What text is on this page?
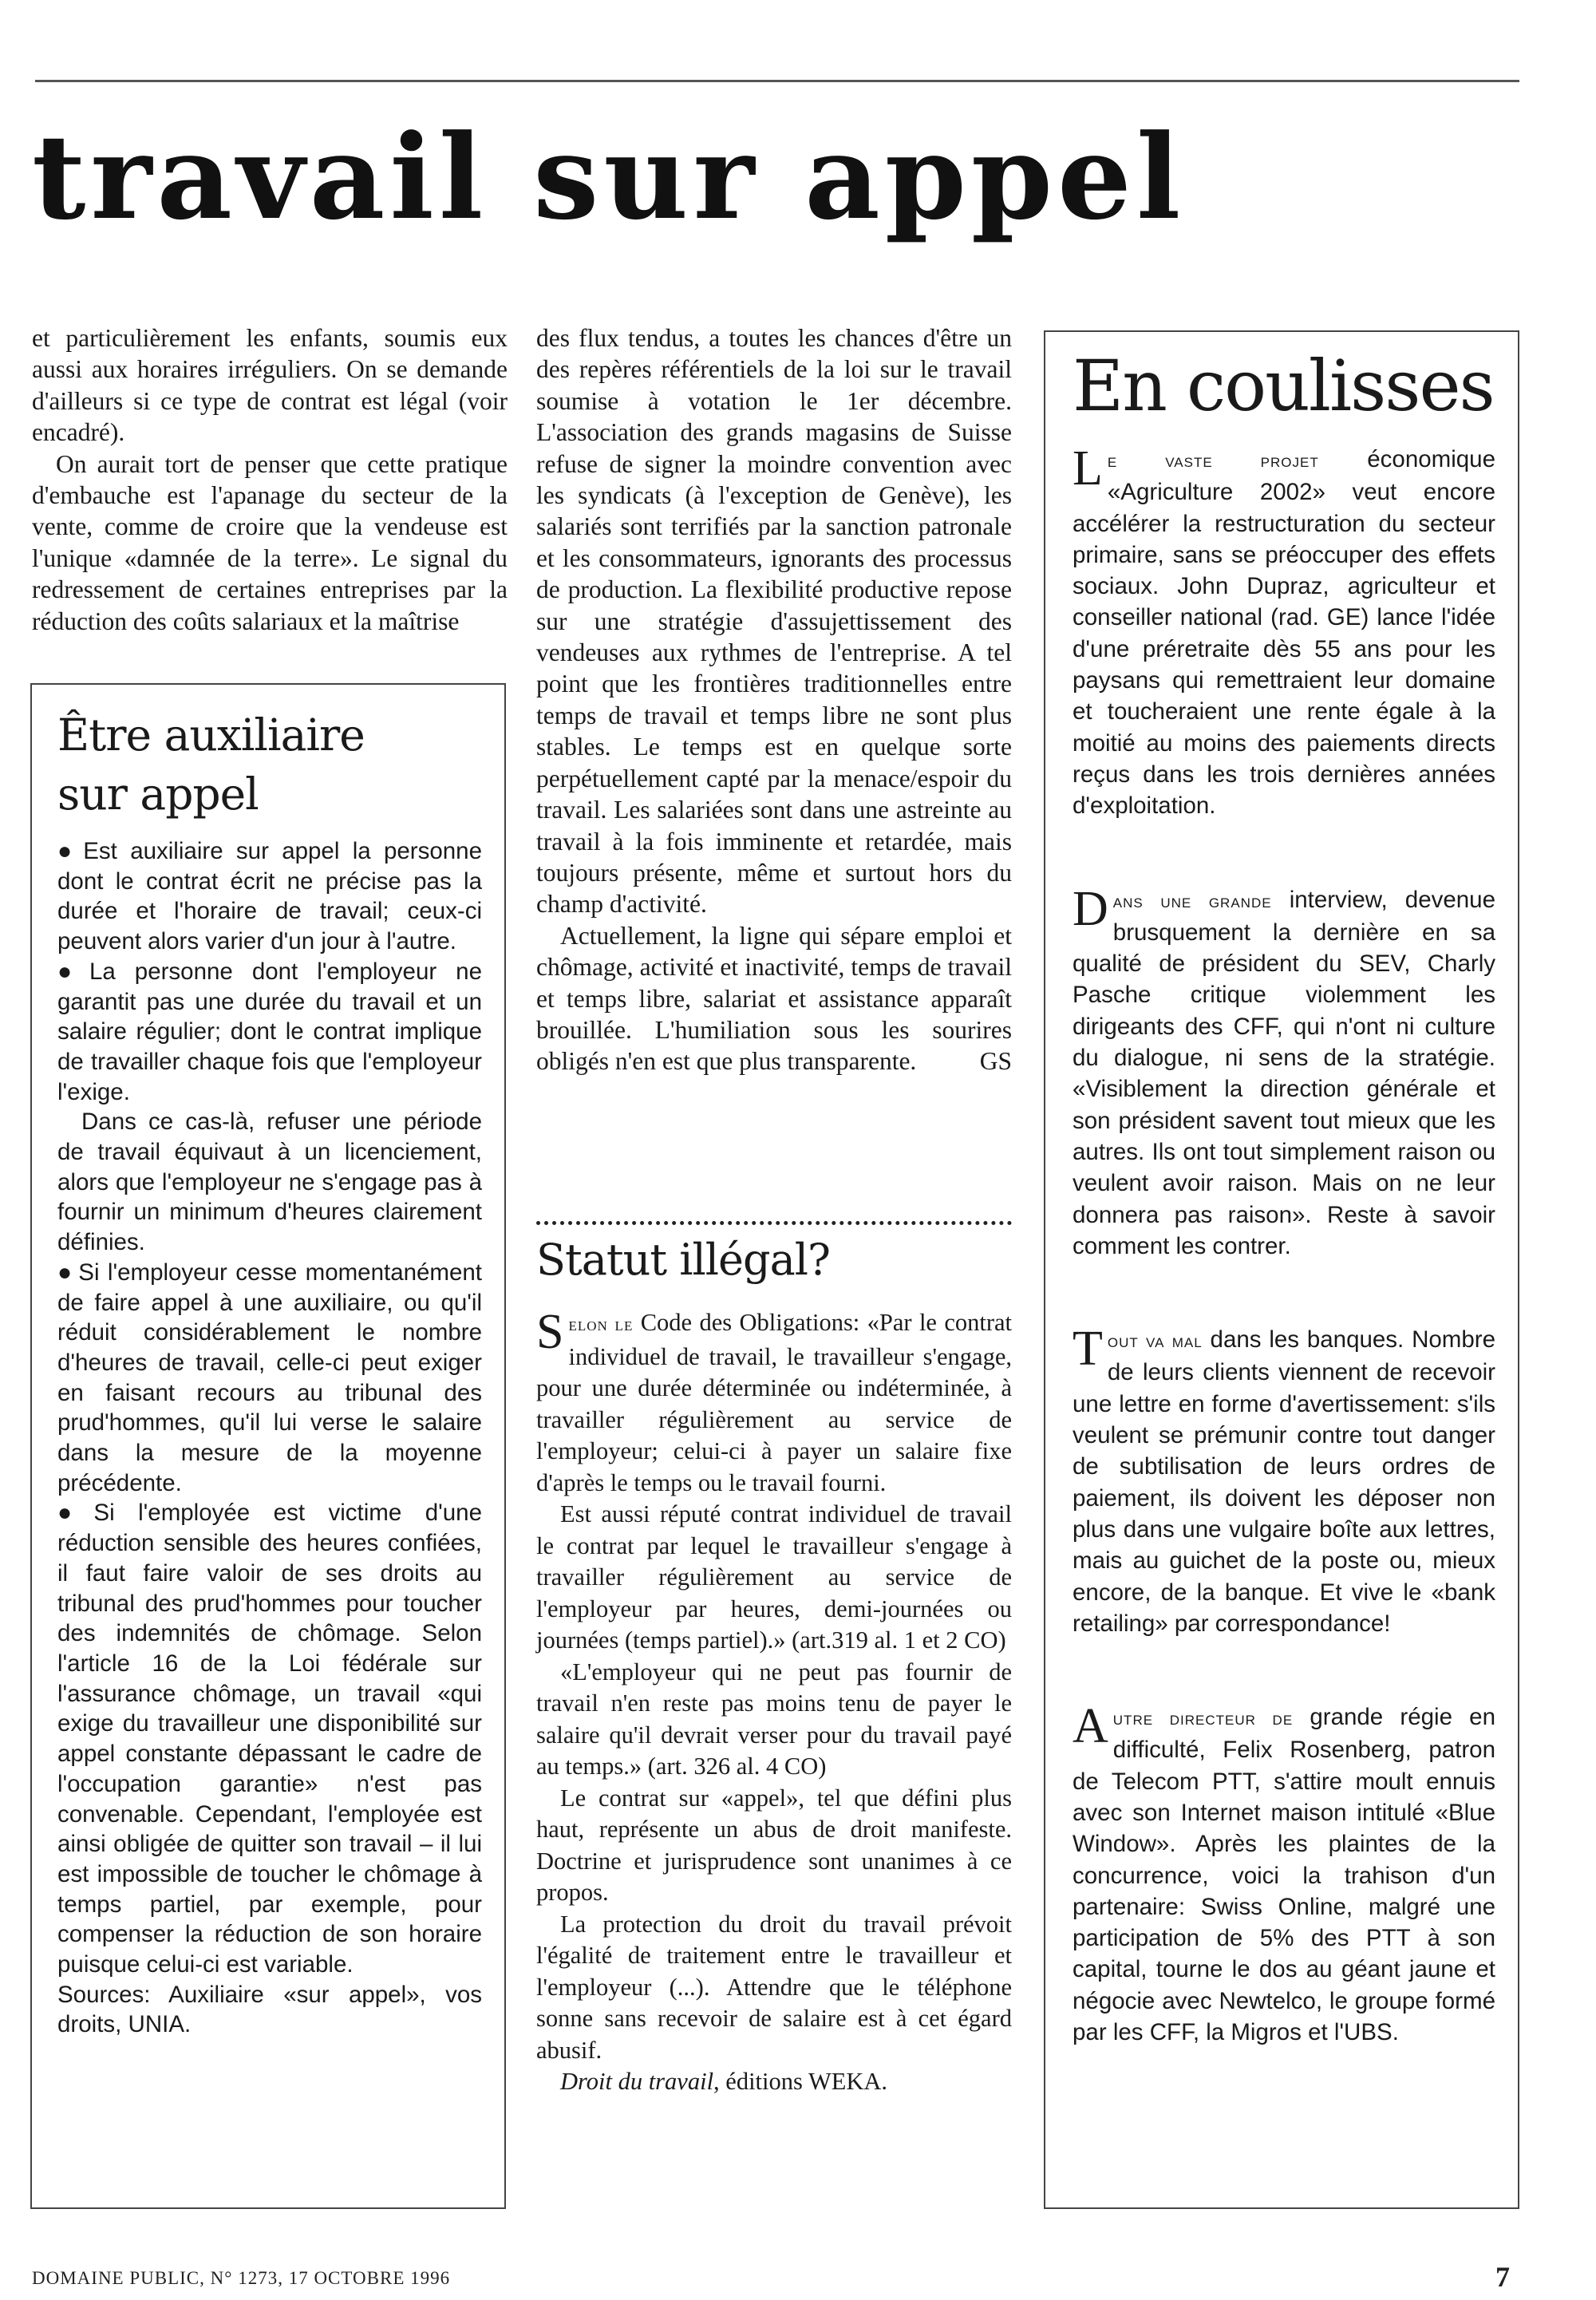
travail sur appel

et particulièrement les enfants, soumis eux aussi aux horaires irréguliers. On se demande d'ailleurs si ce type de contrat est légal (voir encadré).

On aurait tort de penser que cette pratique d'embauche est l'apanage du secteur de la vente, comme de croire que la vendeuse est l'unique «damnée de la terre». Le signal du redressement de certaines entreprises par la réduction des coûts salariaux et la maîtrise

Être auxiliaire
sur appel

● Est auxiliaire sur appel la personne dont le contrat écrit ne précise pas la durée et l'horaire de travail; ceux-ci peuvent alors varier d'un jour à l'autre.

● La personne dont l'employeur ne garantit pas une durée du travail et un salaire régulier; dont le contrat implique de travailler chaque fois que l'employeur l'exige.

Dans ce cas-là, refuser une période de travail équivaut à un licenciement, alors que l'employeur ne s'engage pas à fournir un minimum d'heures clairement définies.

● Si l'employeur cesse momentanément de faire appel à une auxiliaire, ou qu'il réduit considérablement le nombre d'heures de travail, celle-ci peut exiger en faisant recours au tribunal des prud'hommes, qu'il lui verse le salaire dans la mesure de la moyenne précédente.

● Si l'employée est victime d'une réduction sensible des heures confiées, il faut faire valoir de ses droits au tribunal des prud'hommes pour toucher des indemnités de chômage. Selon l'article 16 de la Loi fédérale sur l'assurance chômage, un travail «qui exige du travailleur une disponibilité sur appel constante dépassant le cadre de l'occupation garantie» n'est pas convenable. Cependant, l'employée est ainsi obligée de quitter son travail – il lui est impossible de toucher le chômage à temps partiel, par exemple, pour compenser la réduction de son horaire puisque celui-ci est variable.

Sources: Auxiliaire «sur appel», vos droits, UNIA.

des flux tendus, a toutes les chances d'être un des repères référentiels de la loi sur le travail soumise à votation le 1er décembre. L'association des grands magasins de Suisse refuse de signer la moindre convention avec les syndicats (à l'exception de Genève), les salariés sont terrifiés par la sanction patronale et les consommateurs, ignorants des processus de production. La flexibilité productive repose sur une stratégie d'assujettissement des vendeuses aux rythmes de l'entreprise. A tel point que les frontières traditionnelles entre temps de travail et temps libre ne sont plus stables. Le temps est en quelque sorte perpétuellement capté par la menace/espoir du travail. Les salariées sont dans une astreinte au travail à la fois imminente et retardée, mais toujours présente, même et surtout hors du champ d'activité.

Actuellement, la ligne qui sépare emploi et chômage, activité et inactivité, temps de travail et temps libre, salariat et assistance apparaît brouillée. L'humiliation sous les sourires obligés n'en est que plus transparente.	GS

Statut illégal?

Selon le Code des Obligations: «Par le contrat individuel de travail, le travailleur s'engage, pour une durée déterminée ou indéterminée, à travailler régulièrement au service de l'employeur; celui-ci à payer un salaire fixe d'après le temps ou le travail fourni.

Est aussi réputé contrat individuel de travail le contrat par lequel le travailleur s'engage à travailler régulièrement au service de l'employeur par heures, demi-journées ou journées (temps partiel).» (art.319 al. 1 et 2 CO)

«L'employeur qui ne peut pas fournir de travail n'en reste pas moins tenu de payer le salaire qu'il devrait verser pour du travail payé au temps.» (art. 326 al. 4 CO)

Le contrat sur «appel», tel que défini plus haut, représente un abus de droit manifeste. Doctrine et jurisprudence sont unanimes à ce propos.

La protection du droit du travail prévoit l'égalité de traitement entre le travailleur et l'employeur (...). Attendre que le téléphone sonne sans recevoir de salaire est à cet égard abusif.

Droit du travail, éditions WEKA.

En coulisses

Le vaste projet économique «Agriculture 2002» veut encore accélérer la restructuration du secteur primaire, sans se préoccuper des effets sociaux. John Dupraz, agriculteur et conseiller national (rad. GE) lance l'idée d'une préretraite dès 55 ans pour les paysans qui remettraient leur domaine et toucheraient une rente égale à la moitié au moins des paiements directs reçus dans les trois dernières années d'exploitation.

Dans une grande interview, devenue brusquement la dernière en sa qualité de président du SEV, Charly Pasche critique violemment les dirigeants des CFF, qui n'ont ni culture du dialogue, ni sens de la stratégie. «Visiblement la direction générale et son président savent tout mieux que les autres. Ils ont tout simplement raison ou veulent avoir raison. Mais on ne leur donnera pas raison». Reste à savoir comment les contrer.

Tout va mal dans les banques. Nombre de leurs clients viennent de recevoir une lettre en forme d'avertissement: s'ils veulent se prémunir contre tout danger de subtilisation de leurs ordres de paiement, ils doivent les déposer non plus dans une vulgaire boîte aux lettres, mais au guichet de la poste ou, mieux encore, de la banque. Et vive le «bank retailing» par correspondance!

Autre directeur de grande régie en difficulté, Felix Rosenberg, patron de Telecom PTT, s'attire moult ennuis avec son Internet maison intitulé «Blue Window». Après les plaintes de la concurrence, voici la trahison d'un partenaire: Swiss Online, malgré une participation de 5% des PTT à son capital, tourne le dos au géant jaune et négocie avec Newtelco, le groupe formé par les CFF, la Migros et l'UBS.

DOMAINE PUBLIC, N° 1273, 17 OCTOBRE 1996	7
